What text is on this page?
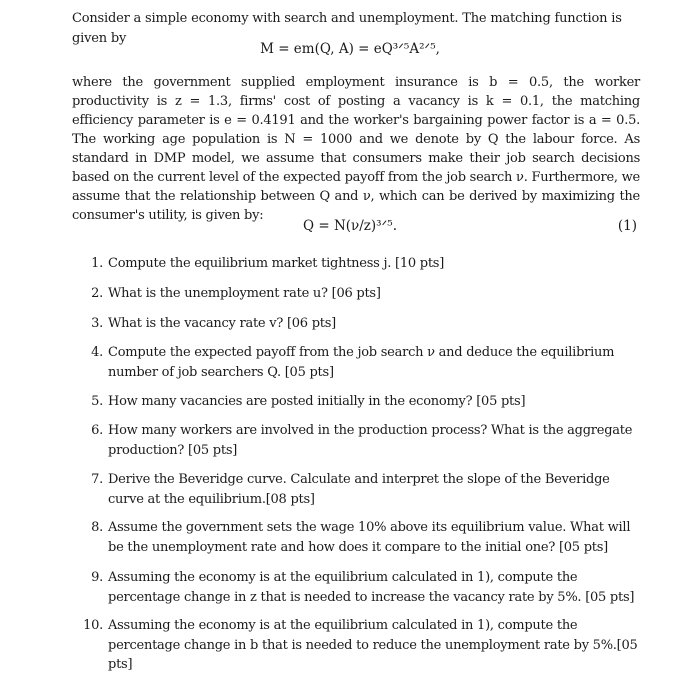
Consider a simple economy with search and unemployment. The matching function is given by
M = em(Q, A) = eQ³ᐟ⁵A²ᐟ⁵,
where the government supplied employment insurance is b = 0.5, the worker productivity is z = 1.3, firms' cost of posting a vacancy is k = 0.1, the matching efficiency parameter is e = 0.4191 and the worker's bargaining power factor is a = 0.5. The working age population is N = 1000 and we denote by Q the labour force. As standard in DMP model, we assume that consumers make their job search decisions based on the current level of the expected payoff from the job search ν. Furthermore, we assume that the relationship between Q and ν, which can be derived by maximizing the consumer's utility, is given by:
Q = N(ν/z)³ᐟ⁵.	(1)
1. Compute the equilibrium market tightness j. [10 pts]
2. What is the unemployment rate u? [06 pts]
3. What is the vacancy rate v? [06 pts]
4. Compute the expected payoff from the job search ν and deduce the equilibrium number of job searchers Q. [05 pts]
5. How many vacancies are posted initially in the economy? [05 pts]
6. How many workers are involved in the production process? What is the aggregate production? [05 pts]
7. Derive the Beveridge curve. Calculate and interpret the slope of the Beveridge curve at the equilibrium.[08 pts]
8. Assume the government sets the wage 10% above its equilibrium value. What will be the unemployment rate and how does it compare to the initial one? [05 pts]
9. Assuming the economy is at the equilibrium calculated in 1), compute the percentage change in z that is needed to increase the vacancy rate by 5%. [05 pts]
10. Assuming the economy is at the equilibrium calculated in 1), compute the percentage change in b that is needed to reduce the unemployment rate by 5%.[05 pts]
